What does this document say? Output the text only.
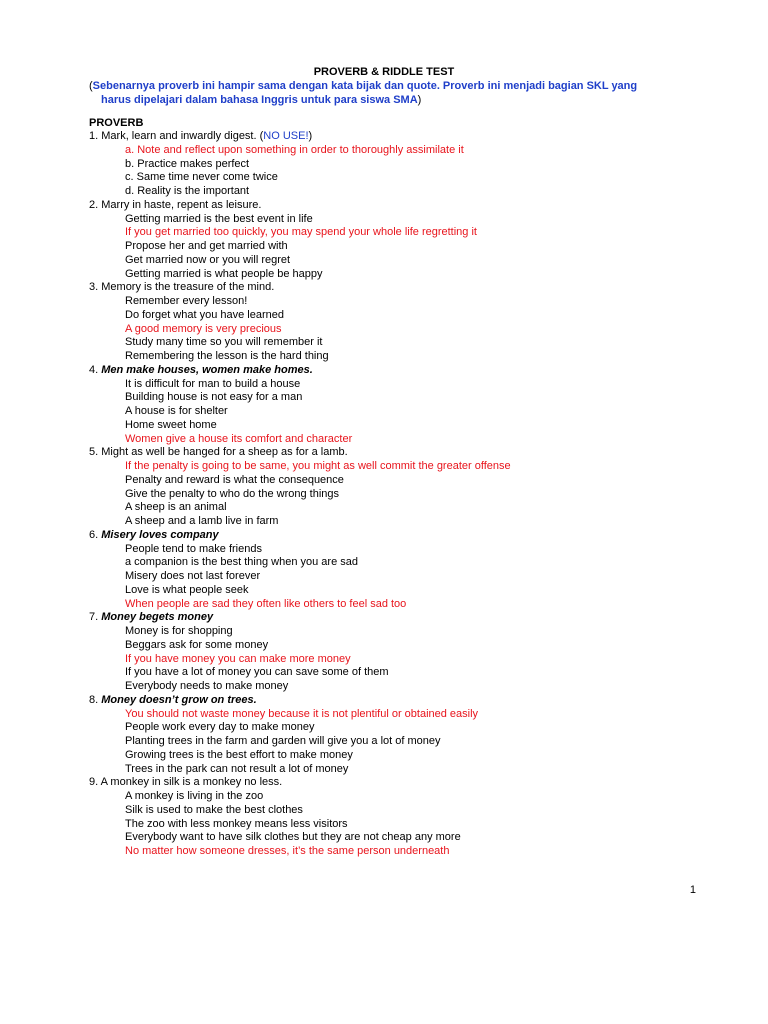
PROVERB & RIDDLE TEST
(Sebenarnya proverb ini hampir sama dengan kata bijak dan quote. Proverb ini menjadi bagian SKL yang
harus dipelajari dalam bahasa Inggris untuk para siswa SMA)
PROVERB
1. Mark, learn and inwardly digest. (NO USE!)
a. Note and reflect upon something in order to thoroughly assimilate it
b. Practice makes perfect
c. Same time never come twice
d. Reality is the important
2. Marry in haste, repent as leisure.
Getting married is the best event in life
If you get married too quickly, you may spend your whole life regretting it
Propose her and get married with
Get married now or you will regret
Getting married is what people be happy
3. Memory is the treasure of the mind.
Remember every lesson!
Do forget what you have learned
A good memory is very precious
Study many time so you will remember it
Remembering the lesson is the hard thing
4. Men make houses, women make homes.
It is difficult for man to build a house
Building house is not easy for a man
A house is for shelter
Home sweet home
Women give a house its comfort and character
5. Might as well be hanged for a sheep as for a lamb.
If the penalty is going to be same, you might as well commit the greater offense
Penalty and reward is what the consequence
Give the penalty to who do the wrong things
A sheep is an animal
A sheep and a lamb live in farm
6. Misery loves company
People tend to make friends
a companion is the best thing when you are sad
Misery does not last forever
Love is what people seek
When people are sad they often like others to feel sad too
7. Money begets money
Money is for shopping
Beggars ask for some money
If you have money you can make more money
If you have a lot of money you can save some of them
Everybody needs to make money
8. Money doesn’t grow on trees.
You should not waste money because it is not plentiful or obtained easily
People work every day to make money
Planting trees in the farm and garden will give you a lot of money
Growing trees is the best effort to make money
Trees in the park can not result a lot of money
9. A monkey in silk is a monkey no less.
A monkey is living in the zoo
Silk is used to make the best clothes
The zoo with less monkey means less visitors
Everybody want to have silk clothes but they are not cheap any more
No matter how someone dresses, it’s the same person underneath
1
